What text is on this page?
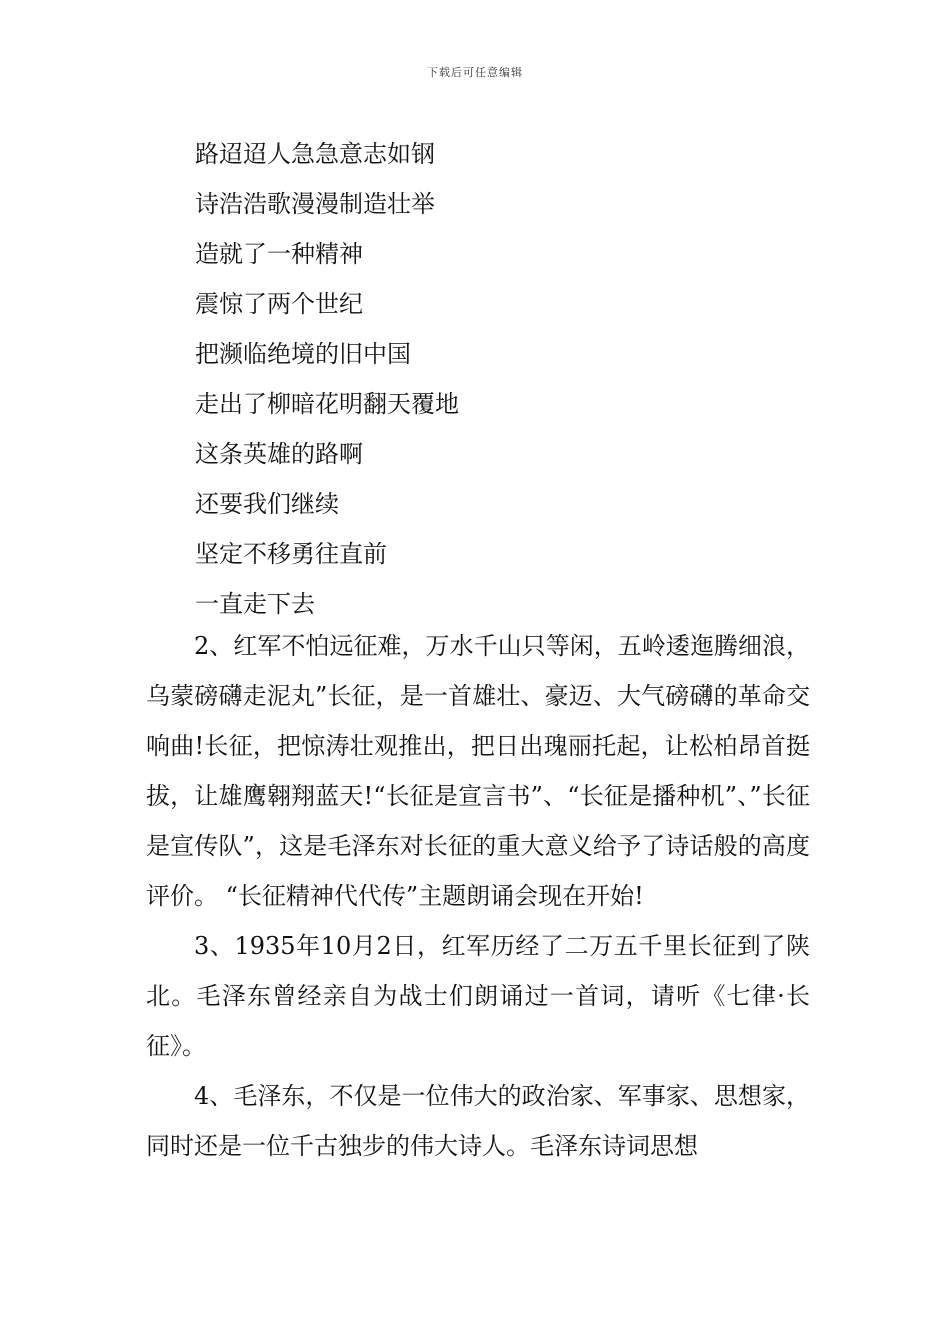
下载后可任意编辑
路迢迢人急急意志如钢
诗浩浩歌漫漫制造壮举
造就了一种精神
震惊了两个世纪
把濒临绝境的旧中国
走出了柳暗花明翻天覆地
这条英雄的路啊
还要我们继续
坚定不移勇往直前
一直走下去

2、红军不怕远征难，万水千山只等闲，五岭逶迤腾细浪，乌蒙磅礴走泥丸”长征，是一首雄壮、豪迈、大气磅礴的革命交响曲!长征，把惊涛壮观推出，把日出瑰丽托起，让松柏昂首挺拔，让雄鹰翱翔蓝天!“长征是宣言书”、“长征是播种机”、”长征是宣传队”，这是毛泽东对长征的重大意义给予了诗话般的高度评价。 “长征精神代代传”主题朗诵会现在开始!

3、1935年10月2日，红军历经了二万五千里长征到了陕北。毛泽东曾经亲自为战士们朗诵过一首词，请听《七律·长征》。

4、毛泽东，不仅是一位伟大的政治家、军事家、思想家，同时还是一位千古独步的伟大诗人。毛泽东诗词思想
